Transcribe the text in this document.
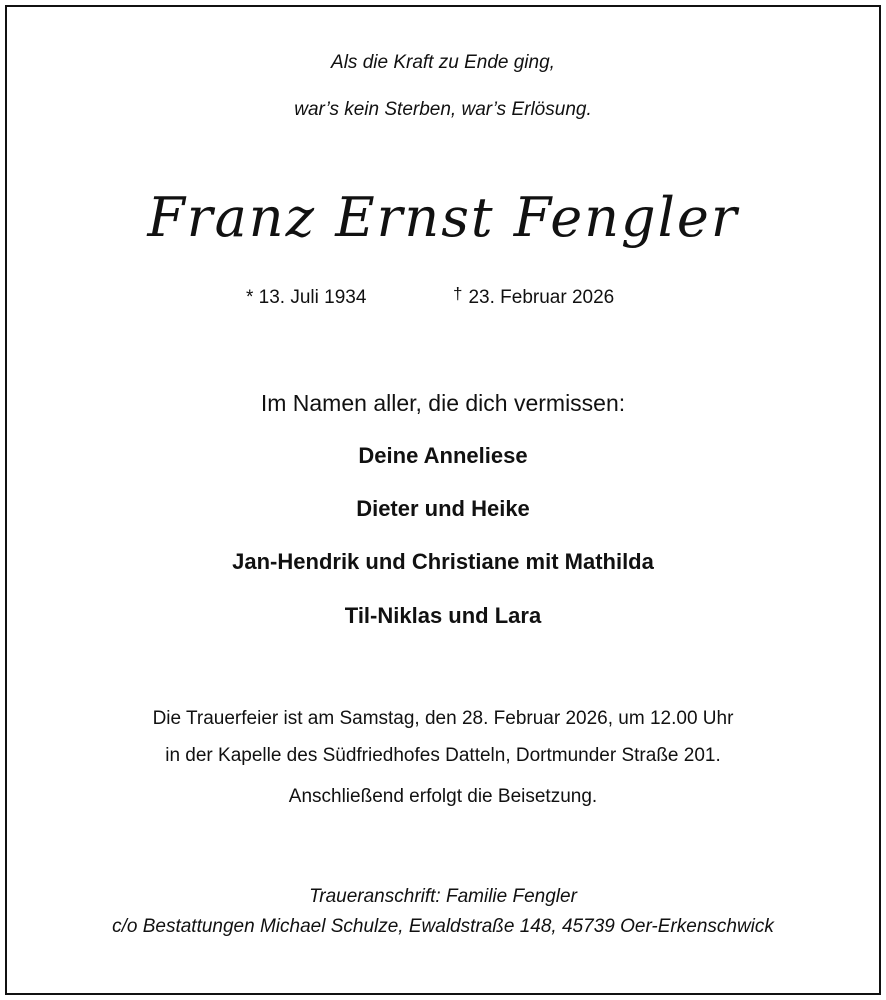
Als die Kraft zu Ende ging,
war’s kein Sterben, war’s Erlösung.
Franz Ernst Fengler
* 13. Juli 1934	† 23. Februar 2026
Im Namen aller, die dich vermissen:
Deine Anneliese
Dieter und Heike
Jan-Hendrik und Christiane mit Mathilda
Til-Niklas und Lara
Die Trauerfeier ist am Samstag, den 28. Februar 2026, um 12.00 Uhr
in der Kapelle des Südfriedhofes Datteln, Dortmunder Straße 201.
Anschließend erfolgt die Beisetzung.
Traueranschrift: Familie Fengler
c/o Bestattungen Michael Schulze, Ewaldstraße 148, 45739 Oer-Erkenschwick
